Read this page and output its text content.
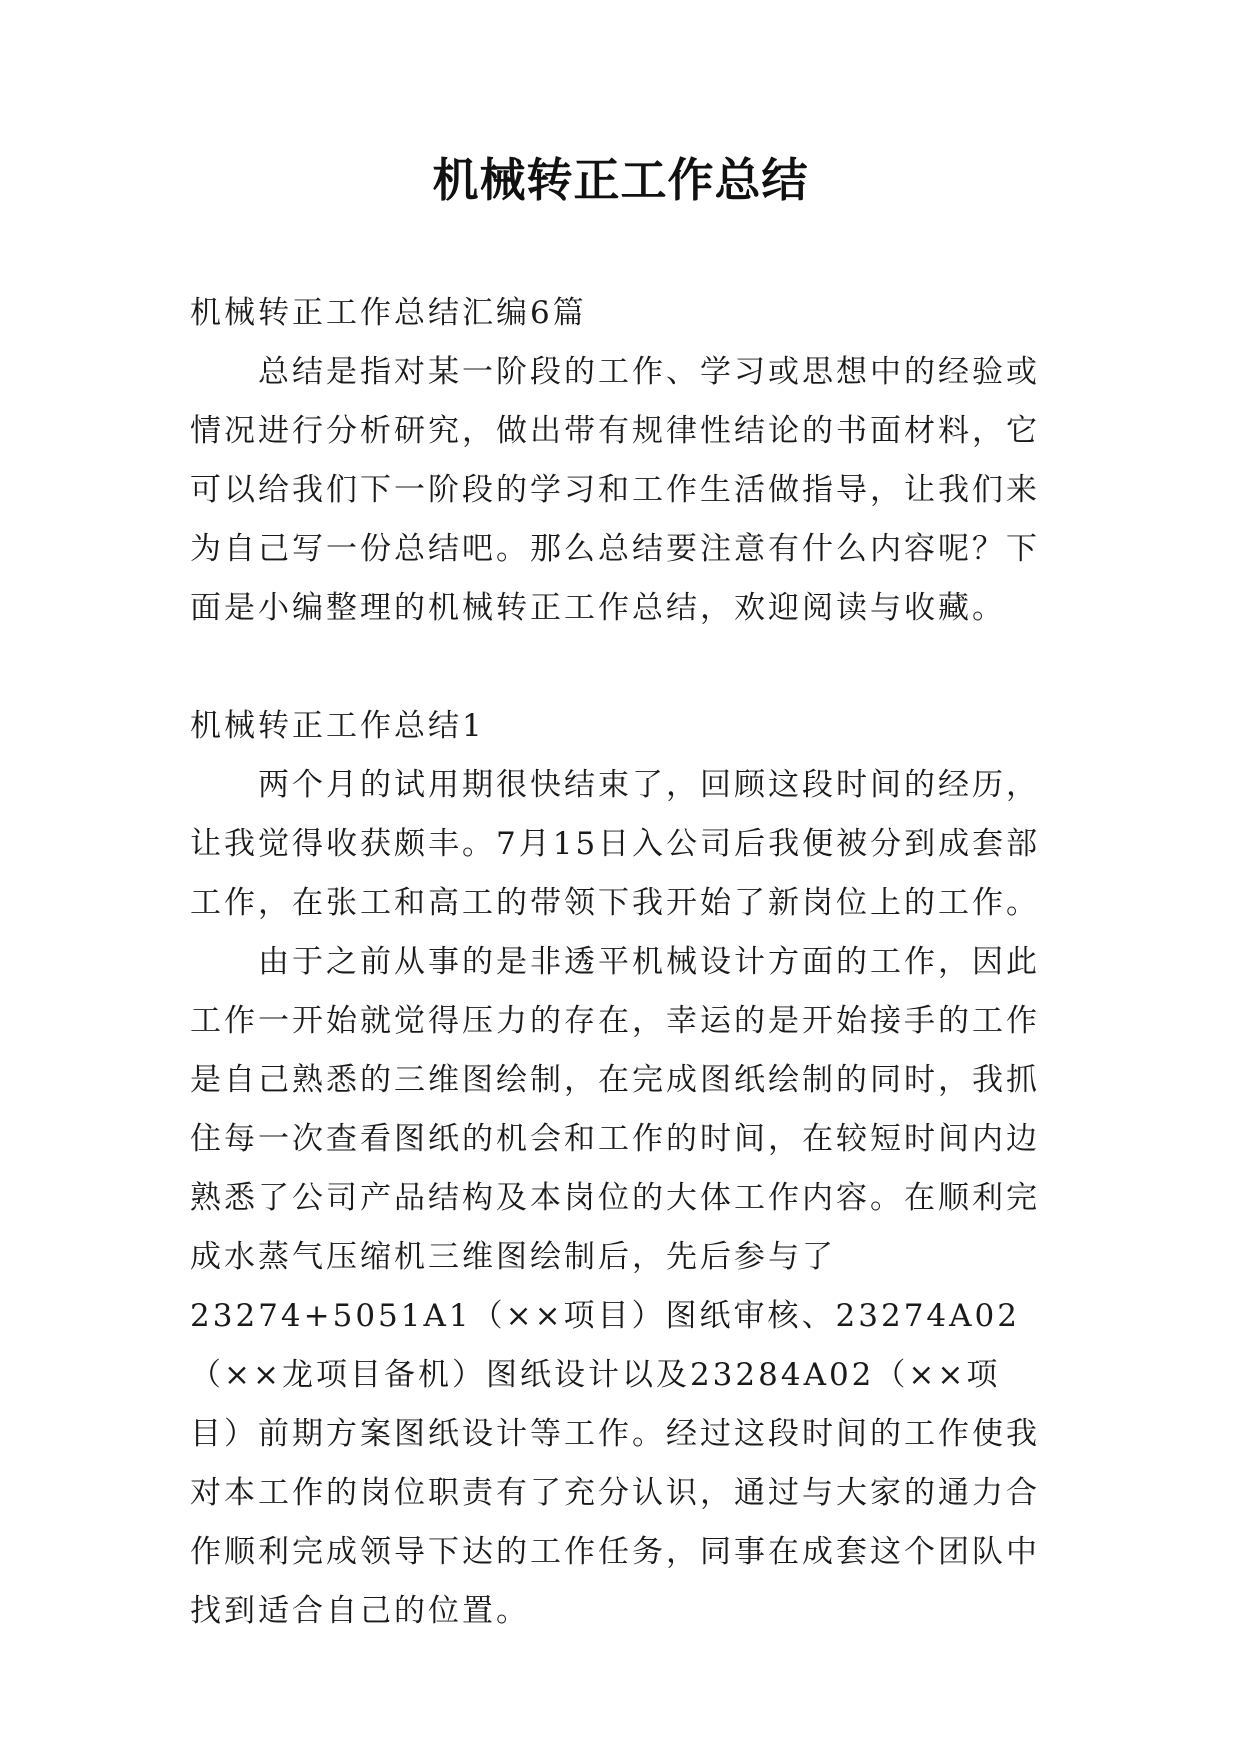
机械转正工作总结

机械转正工作总结汇编6篇

总结是指对某一阶段的工作、学习或思想中的经验或情况进行分析研究，做出带有规律性结论的书面材料，它可以给我们下一阶段的学习和工作生活做指导，让我们来为自己写一份总结吧。那么总结要注意有什么内容呢？下面是小编整理的机械转正工作总结，欢迎阅读与收藏。

机械转正工作总结1

两个月的试用期很快结束了，回顾这段时间的经历，让我觉得收获颇丰。7月15日入公司后我便被分到成套部工作，在张工和高工的带领下我开始了新岗位上的工作。

由于之前从事的是非透平机械设计方面的工作，因此工作一开始就觉得压力的存在，幸运的是开始接手的工作是自己熟悉的三维图绘制，在完成图纸绘制的同时，我抓住每一次查看图纸的机会和工作的时间，在较短时间内边熟悉了公司产品结构及本岗位的大体工作内容。在顺利完成水蒸气压缩机三维图绘制后，先后参与了23274+5051A1（××项目）图纸审核、23274A02（××龙项目备机）图纸设计以及23284A02（××项目）前期方案图纸设计等工作。经过这段时间的工作使我对本工作的岗位职责有了充分认识，通过与大家的通力合作顺利完成领导下达的工作任务，同事在成套这个团队中找到适合自己的位置。
